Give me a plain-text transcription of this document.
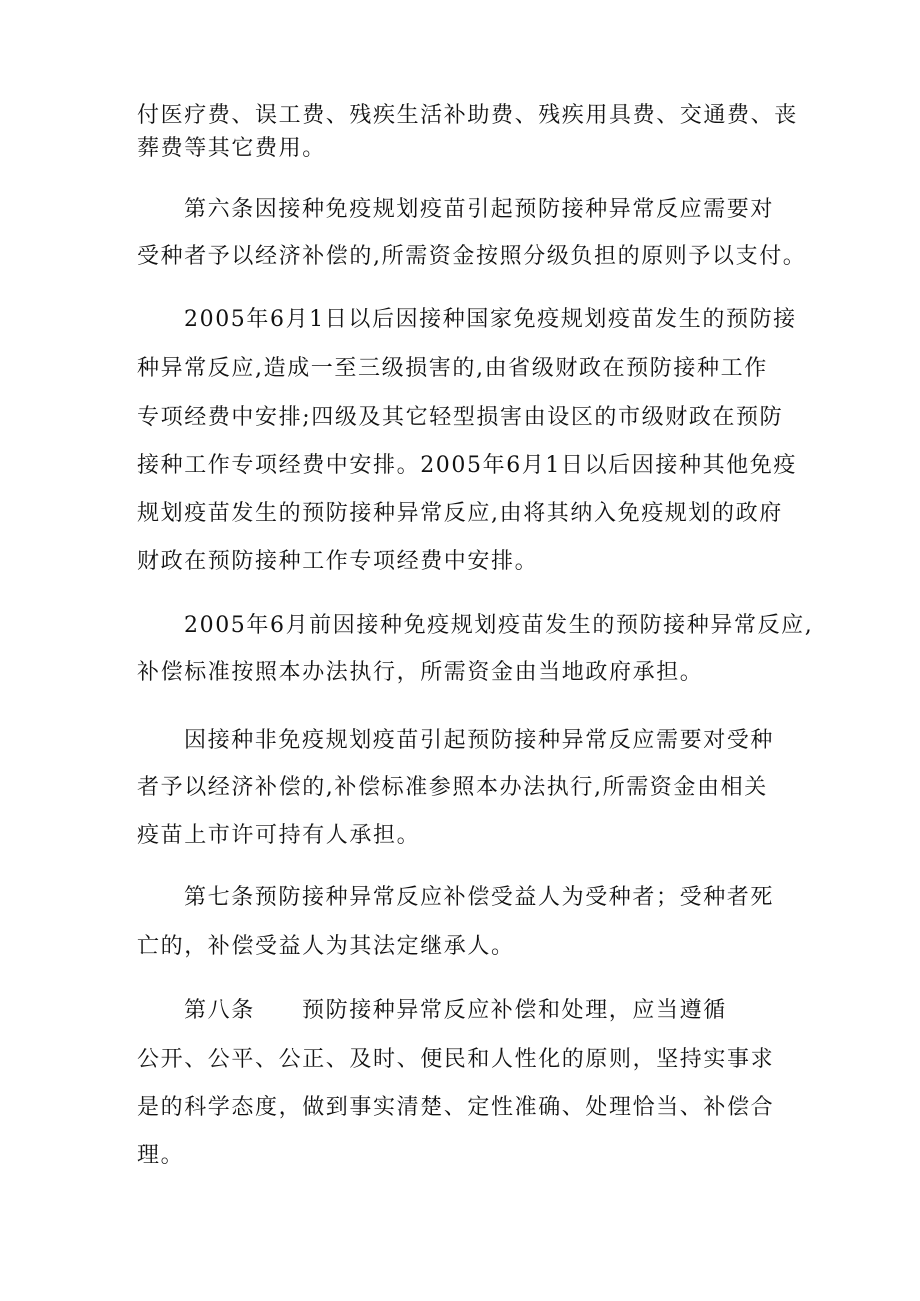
付医疗费、误工费、残疾生活补助费、残疾用具费、交通费、丧
葬费等其它费用。
第六条因接种免疫规划疫苗引起预防接种异常反应需要对
受种者予以经济补偿的,所需资金按照分级负担的原则予以支付。
2005年6月1日以后因接种国家免疫规划疫苗发生的预防接
种异常反应,造成一至三级损害的,由省级财政在预防接种工作
专项经费中安排;四级及其它轻型损害由设区的市级财政在预防
接种工作专项经费中安排。2005年6月1日以后因接种其他免疫
规划疫苗发生的预防接种异常反应,由将其纳入免疫规划的政府
财政在预防接种工作专项经费中安排。
2005年6月前因接种免疫规划疫苗发生的预防接种异常反应,
补偿标准按照本办法执行，所需资金由当地政府承担。
因接种非免疫规划疫苗引起预防接种异常反应需要对受种
者予以经济补偿的,补偿标准参照本办法执行,所需资金由相关
疫苗上市许可持有人承担。
第七条预防接种异常反应补偿受益人为受种者；受种者死
亡的，补偿受益人为其法定继承人。
第八条　　预防接种异常反应补偿和处理，应当遵循
公开、公平、公正、及时、便民和人性化的原则，坚持实事求
是的科学态度，做到事实清楚、定性准确、处理恰当、补偿合
理。
